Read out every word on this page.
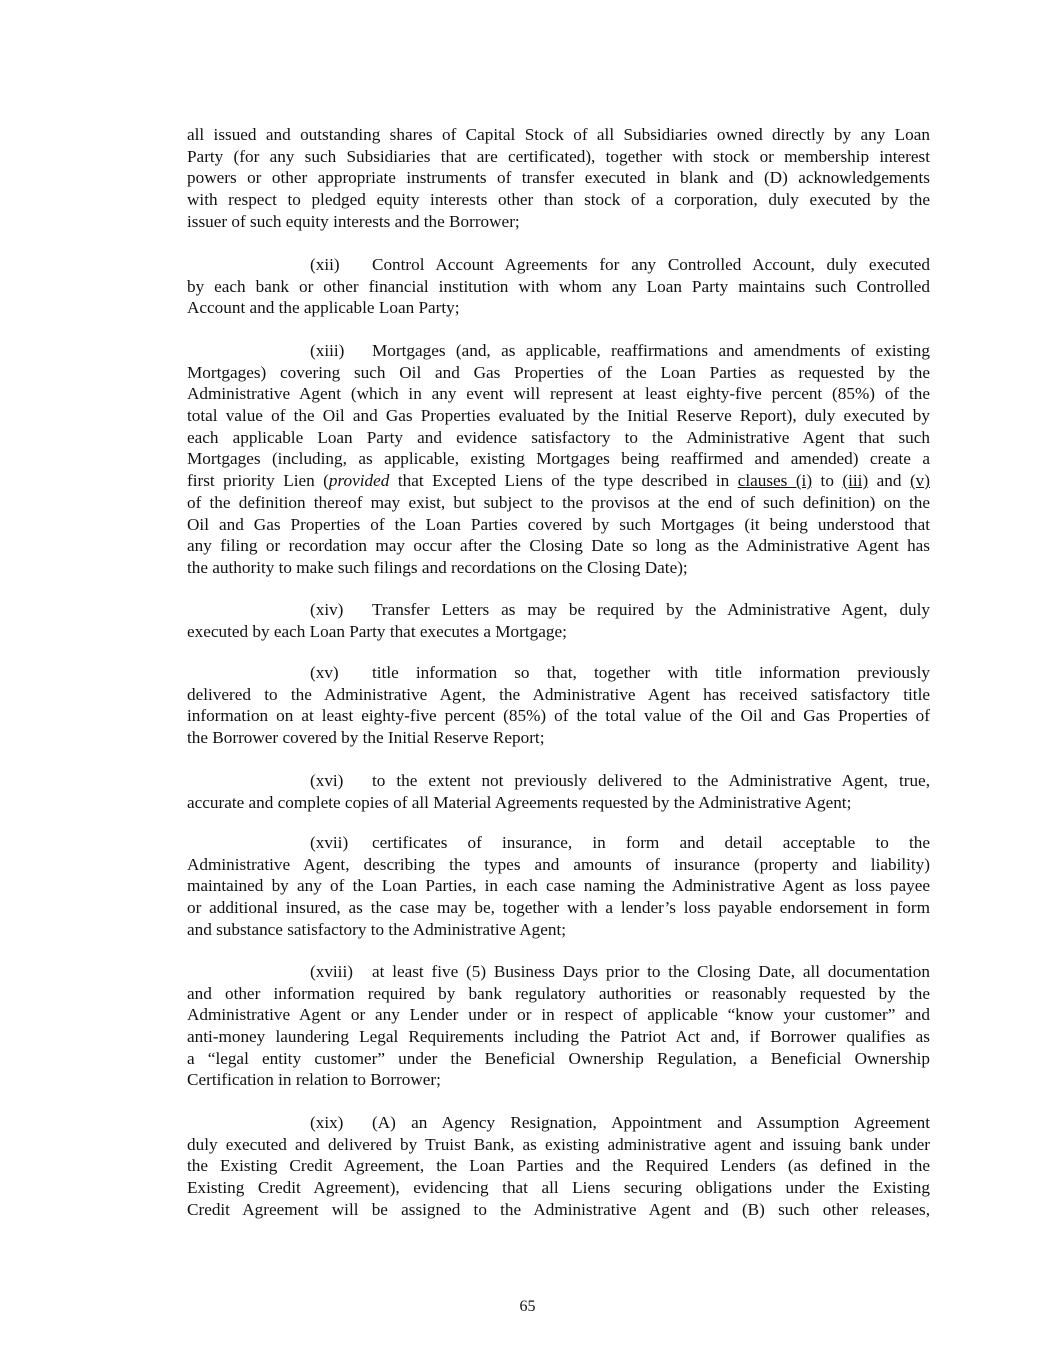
all issued and outstanding shares of Capital Stock of all Subsidiaries owned directly by any Loan
Party (for any such Subsidiaries that are certificated), together with stock or membership interest
powers or other appropriate instruments of transfer executed in blank and (D) acknowledgements
with respect to pledged equity interests other than stock of a corporation, duly executed by the
issuer of such equity interests and the Borrower;
(xii) Control Account Agreements for any Controlled Account, duly executed
by each bank or other financial institution with whom any Loan Party maintains such Controlled
Account and the applicable Loan Party;
(xiii) Mortgages (and, as applicable, reaffirmations and amendments of existing
Mortgages) covering such Oil and Gas Properties of the Loan Parties as requested by the
Administrative Agent (which in any event will represent at least eighty-five percent (85%) of the
total value of the Oil and Gas Properties evaluated by the Initial Reserve Report), duly executed by
each applicable Loan Party and evidence satisfactory to the Administrative Agent that such
Mortgages (including, as applicable, existing Mortgages being reaffirmed and amended) create a
first priority Lien (provided that Excepted Liens of the type described in clauses (i) to (iii) and (v)
of the definition thereof may exist, but subject to the provisos at the end of such definition) on the
Oil and Gas Properties of the Loan Parties covered by such Mortgages (it being understood that
any filing or recordation may occur after the Closing Date so long as the Administrative Agent has
the authority to make such filings and recordations on the Closing Date);
(xiv) Transfer Letters as may be required by the Administrative Agent, duly
executed by each Loan Party that executes a Mortgage;
(xv) title information so that, together with title information previously
delivered to the Administrative Agent, the Administrative Agent has received satisfactory title
information on at least eighty-five percent (85%) of the total value of the Oil and Gas Properties of
the Borrower covered by the Initial Reserve Report;
(xvi) to the extent not previously delivered to the Administrative Agent, true,
accurate and complete copies of all Material Agreements requested by the Administrative Agent;
(xvii) certificates of insurance, in form and detail acceptable to the
Administrative Agent, describing the types and amounts of insurance (property and liability)
maintained by any of the Loan Parties, in each case naming the Administrative Agent as loss payee
or additional insured, as the case may be, together with a lender’s loss payable endorsement in form
and substance satisfactory to the Administrative Agent;
(xviii) at least five (5) Business Days prior to the Closing Date, all documentation
and other information required by bank regulatory authorities or reasonably requested by the
Administrative Agent or any Lender under or in respect of applicable “know your customer” and
anti-money laundering Legal Requirements including the Patriot Act and, if Borrower qualifies as
a “legal entity customer” under the Beneficial Ownership Regulation, a Beneficial Ownership
Certification in relation to Borrower;
(xix) (A) an Agency Resignation, Appointment and Assumption Agreement
duly executed and delivered by Truist Bank, as existing administrative agent and issuing bank under
the Existing Credit Agreement, the Loan Parties and the Required Lenders (as defined in the
Existing Credit Agreement), evidencing that all Liens securing obligations under the Existing
Credit Agreement will be assigned to the Administrative Agent and (B) such other releases,
65
